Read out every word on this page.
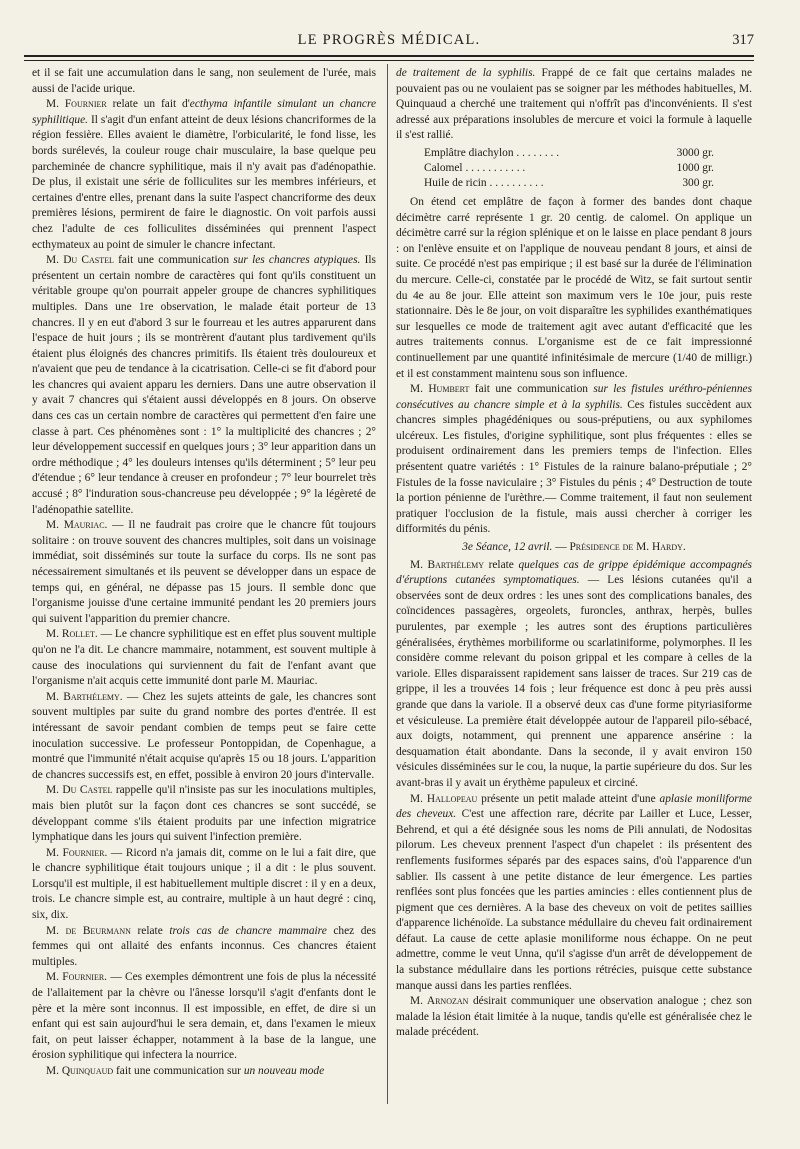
LE PROGRÈS MÉDICAL.	317

et il se fait une accumulation dans le sang, non seulement de l'urée, mais aussi de l'acide urique.

M. Fournier relate un fait d'ecthyma infantile simulant un chancre syphilitique. Il s'agit d'un enfant atteint de deux lésions chancriformes de la région fessière. Elles avaient le diamètre, l'orbicularité, le fond lisse, les bords surélevés, la couleur rouge chair musculaire, la base quelque peu parcheminée de chancre syphilitique, mais il n'y avait pas d'adénopathie. De plus, il existait une série de folliculites sur les membres inférieurs, et certaines d'entre elles, prenant dans la suite l'aspect chancriforme des deux premières lésions, permirent de faire le diagnostic. On voit parfois aussi chez l'adulte de ces folliculites disséminées qui prennent l'aspect ecthymateux au point de simuler le chancre infectant.

M. Du Castel fait une communication sur les chancres atypiques. Ils présentent un certain nombre de caractères qui font qu'ils constituent un véritable groupe qu'on pourrait appeler groupe de chancres syphilitiques multiples. Dans une 1re observation, le malade était porteur de 13 chancres. Il y en eut d'abord 3 sur le fourreau et les autres apparurent dans l'espace de huit jours ; ils se montrèrent d'autant plus tardivement qu'ils étaient plus éloignés des chancres primitifs. Ils étaient très douloureux et n'avaient que peu de tendance à la cicatrisation. Celle-ci se fit d'abord pour les chancres qui avaient apparu les derniers. Dans une autre observation il y avait 7 chancres qui s'étaient aussi développés en 8 jours. On observe dans ces cas un certain nombre de caractères qui permettent d'en faire une classe à part. Ces phénomènes sont : 1° la multiplicité des chancres ; 2° leur développement successif en quelques jours ; 3° leur apparition dans un ordre méthodique ; 4° les douleurs intenses qu'ils déterminent ; 5° leur peu d'étendue ; 6° leur tendance à creuser en profondeur ; 7° leur bourrelet très accusé ; 8° l'induration sous-chancreuse peu développée ; 9° la légèreté de l'adénopathie satellite.

M. Mauriac. — Il ne faudrait pas croire que le chancre fût toujours solitaire : on trouve souvent des chancres multiples, soit dans un voisinage immédiat, soit disséminés sur toute la surface du corps. Ils ne sont pas nécessairement simultanés et ils peuvent se développer dans un espace de temps qui, en général, ne dépasse pas 15 jours. Il semble donc que l'organisme jouisse d'une certaine immunité pendant les 20 premiers jours qui suivent l'apparition du premier chancre.

M. Rollet. — Le chancre syphilitique est en effet plus souvent multiple qu'on ne l'a dit. Le chancre mammaire, notamment, est souvent multiple à cause des inoculations qui surviennent du fait de l'enfant avant que l'organisme n'ait acquis cette immunité dont parle M. Mauriac.

M. Barthélemy. — Chez les sujets atteints de gale, les chancres sont souvent multiples par suite du grand nombre des portes d'entrée. Il est intéressant de savoir pendant combien de temps peut se faire cette inoculation successive. Le professeur Pontoppidan, de Copenhague, a montré que l'immunité n'était acquise qu'après 15 ou 18 jours. L'apparition de chancres successifs est, en effet, possible à environ 20 jours d'intervalle.

M. Du Castel rappelle qu'il n'insiste pas sur les inoculations multiples, mais bien plutôt sur la façon dont ces chancres se sont succédé, se développant comme s'ils étaient produits par une infection migratrice lymphatique dans les jours qui suivent l'infection première.

M. Fournier. — Ricord n'a jamais dit, comme on le lui a fait dire, que le chancre syphilitique était toujours unique ; il a dit : le plus souvent. Lorsqu'il est multiple, il est habituellement multiple discret : il y en a deux, trois. Le chancre simple est, au contraire, multiple à un haut degré : cinq, six, dix.

M. de Beurmann relate trois cas de chancre mammaire chez des femmes qui ont allaité des enfants inconnus. Ces chancres étaient multiples.

M. Fournier. — Ces exemples démontrent une fois de plus la nécessité de l'allaitement par la chèvre ou l'ânesse lorsqu'il s'agit d'enfants dont le père et la mère sont inconnus. Il est impossible, en effet, de dire si un enfant qui est sain aujourd'hui le sera demain, et, dans l'examen le mieux fait, on peut laisser échapper, notamment à la base de la langue, une érosion syphilitique qui infectera la nourrice.

M. Quinquaud fait une communication sur un nouveau mode

de traitement de la syphilis. Frappé de ce fait que certains malades ne pouvaient pas ou ne voulaient pas se soigner par les méthodes habituelles, M. Quinquaud a cherché une traitement qui n'offrît pas d'inconvénients. Il s'est adressé aux préparations insolubles de mercure et voici la formule à laquelle il s'est rallié.

Emplâtre diachylon . . . . . . . .	3000 gr.
Calomel . . . . . . . . . . .	1000 gr.
Huile de ricin . . . . . . . . . .	300 gr.

On étend cet emplâtre de façon à former des bandes dont chaque décimètre carré représente 1 gr. 20 centig. de calomel. On applique un décimètre carré sur la région splénique et on le laisse en place pendant 8 jours : on l'enlève ensuite et on l'applique de nouveau pendant 8 jours, et ainsi de suite. Ce procédé n'est pas empirique ; il est basé sur la durée de l'élimination du mercure. Celle-ci, constatée par le procédé de Witz, se fait surtout sentir du 4e au 8e jour. Elle atteint son maximum vers le 10e jour, puis reste stationnaire. Dès le 8e jour, on voit disparaître les syphilides exanthématiques sur lesquelles ce mode de traitement agit avec autant d'efficacité que les autres traitements connus. L'organisme est de ce fait impressionné continuellement par une quantité infinitésimale de mercure (1/40 de milligr.) et il est constamment maintenu sous son influence.

M. Humbert fait une communication sur les fistules uréthro-péniennes consécutives au chancre simple et à la syphilis. Ces fistules succèdent aux chancres simples phagédéniques ou sous-préputiens, ou aux syphilomes ulcéreux. Les fistules, d'origine syphilitique, sont plus fréquentes : elles se produisent ordinairement dans les premiers temps de l'infection. Elles présentent quatre variétés : 1° Fistules de la rainure balano-préputiale ; 2° Fistules de la fosse naviculaire ; 3° Fistules du pénis ; 4° Destruction de toute la portion pénienne de l'urèthre.— Comme traitement, il faut non seulement pratiquer l'occlusion de la fistule, mais aussi chercher à corriger les difformités du pénis.

3e Séance, 12 avril. — Présidence de M. Hardy.

M. Barthélemy relate quelques cas de grippe épidémique accompagnés d'éruptions cutanées symptomatiques. — Les lésions cutanées qu'il a observées sont de deux ordres : les unes sont des complications banales, des coïncidences passagères, orgeolets, furoncles, anthrax, herpès, bulles purulentes, par exemple ; les autres sont des éruptions particulières généralisées, érythèmes morbiliforme ou scarlatiniforme, polymorphes. Il les considère comme relevant du poison grippal et les compare à celles de la variole. Elles disparaissent rapidement sans laisser de traces. Sur 219 cas de grippe, il les a trouvées 14 fois ; leur fréquence est donc à peu près aussi grande que dans la variole. Il a observé deux cas d'une forme pityriasiforme et vésiculeuse. La première était développée autour de l'appareil pilo-sébacé, aux doigts, notamment, qui prennent une apparence ansérine : la desquamation était abondante. Dans la seconde, il y avait environ 150 vésicules disséminées sur le cou, la nuque, la partie supérieure du dos. Sur les avant-bras il y avait un érythème papuleux et circiné.

M. Hallopeau présente un petit malade atteint d'une aplasie moniliforme des cheveux. C'est une affection rare, décrite par Lailler et Luce, Lesser, Behrend, et qui a été désignée sous les noms de Pili annulati, de Nodositas pilorum. Les cheveux prennent l'aspect d'un chapelet : ils présentent des renflements fusiformes séparés par des espaces sains, d'où l'apparence d'un sablier. Ils cassent à une petite distance de leur émergence. Les parties renflées sont plus foncées que les parties amincies : elles contiennent plus de pigment que ces dernières. A la base des cheveux on voit de petites saillies d'apparence lichénoïde. La substance médullaire du cheveu fait ordinairement défaut. La cause de cette aplasie moniliforme nous échappe. On ne peut admettre, comme le veut Unna, qu'il s'agisse d'un arrêt de développement de la substance médullaire dans les portions rétrécies, puisque cette substance manque aussi dans les parties renflées.

M. Arnozan désirait communiquer une observation analogue ; chez son malade la lésion était limitée à la nuque, tandis qu'elle est généralisée chez le malade précédent.
